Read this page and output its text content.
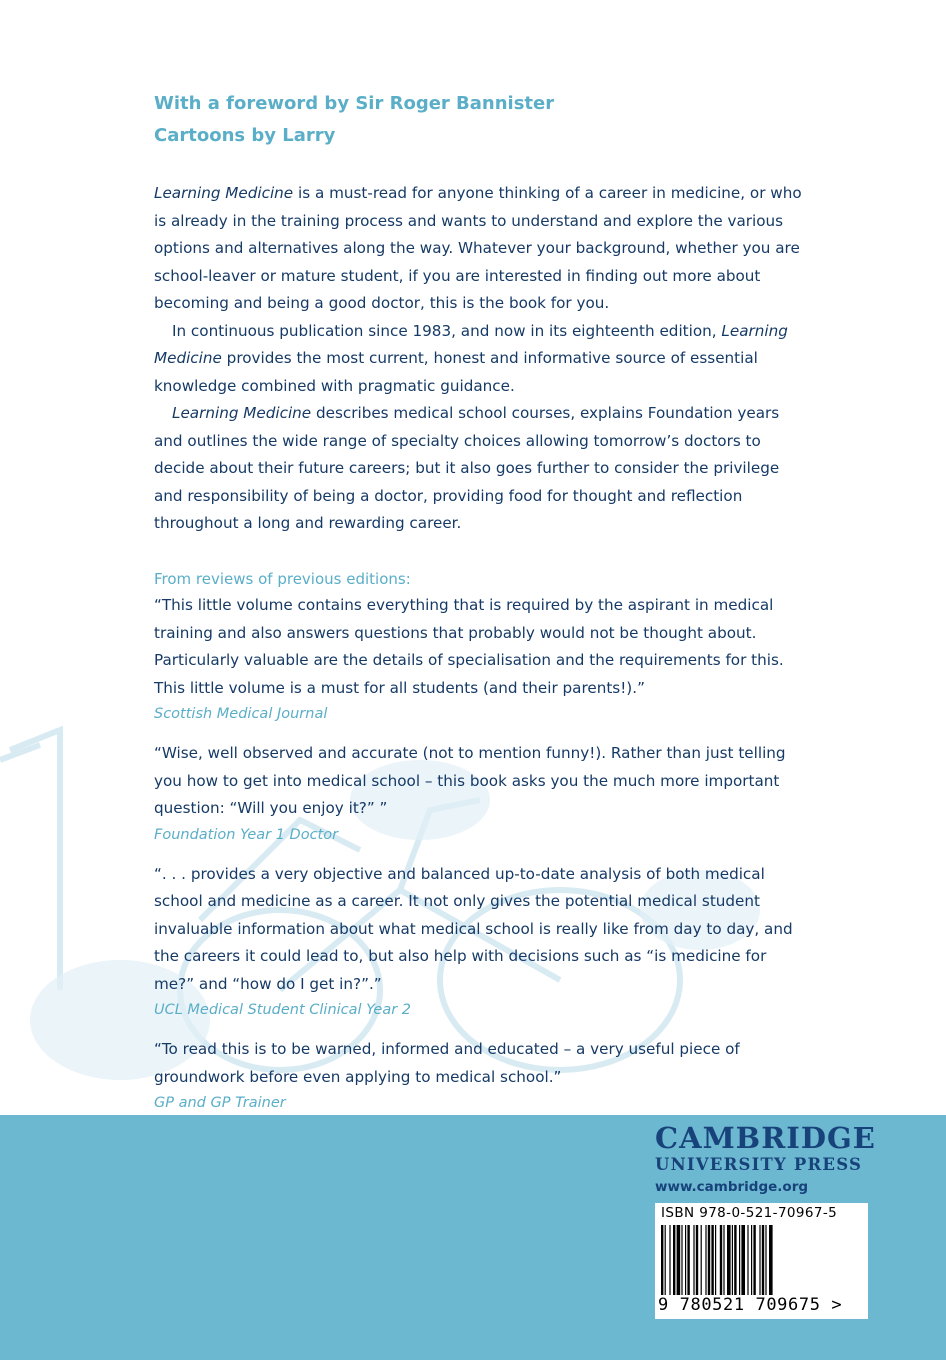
With a foreword by Sir Roger Bannister
Cartoons by Larry

Learning Medicine is a must-read for anyone thinking of a career in medicine, or who is already in the training process and wants to understand and explore the various options and alternatives along the way. Whatever your background, whether you are school-leaver or mature student, if you are interested in finding out more about becoming and being a good doctor, this is the book for you.

In continuous publication since 1983, and now in its eighteenth edition, Learning Medicine provides the most current, honest and informative source of essential knowledge combined with pragmatic guidance.

Learning Medicine describes medical school courses, explains Foundation years and outlines the wide range of specialty choices allowing tomorrow’s doctors to decide about their future careers; but it also goes further to consider the privilege and responsibility of being a doctor, providing food for thought and reflection throughout a long and rewarding career.

From reviews of previous editions:
“This little volume contains everything that is required by the aspirant in medical training and also answers questions that probably would not be thought about. Particularly valuable are the details of specialisation and the requirements for this. This little volume is a must for all students (and their parents!).”
Scottish Medical Journal
“Wise, well observed and accurate (not to mention funny!). Rather than just telling you how to get into medical school – this book asks you the much more important question: “Will you enjoy it?” ”
Foundation Year 1 Doctor
“. . . provides a very objective and balanced up-to-date analysis of both medical school and medicine as a career. It not only gives the potential medical student invaluable information about what medical school is really like from day to day, and the careers it could lead to, but also help with decisions such as “is medicine for me?” and “how do I get in?”.”
UCL Medical Student Clinical Year 2
“To read this is to be warned, informed and educated – a very useful piece of groundwork before even applying to medical school.”
GP and GP Trainer
CAMBRIDGE
UNIVERSITY PRESS
www.cambridge.org
ISBN 978-0-521-70967-5
9 780521 709675 >
